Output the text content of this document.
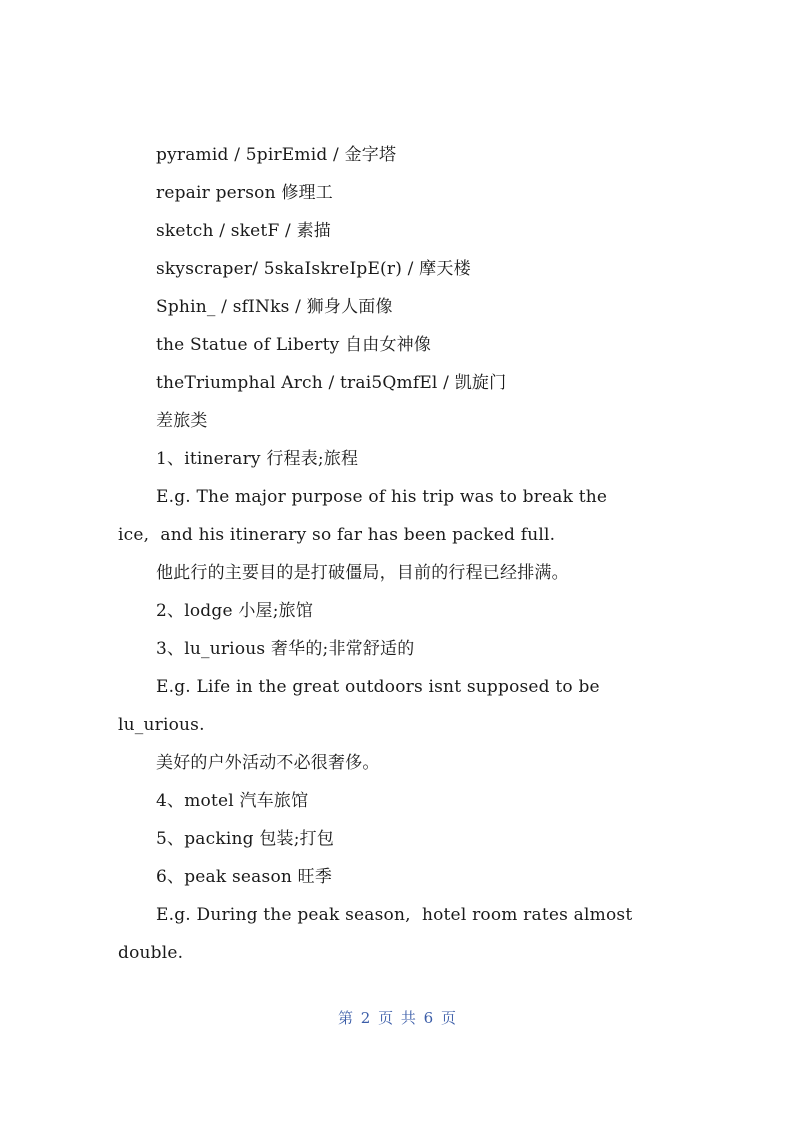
pyramid / 5pirEmid / 金字塔
repair person 修理工
sketch / sketF / 素描
skyscraper/ 5skaIskreIpE(r) / 摩天楼
Sphin_ / sfINks / 狮身人面像
the Statue of Liberty 自由女神像
theTriumphal Arch / trai5QmfEl / 凯旋门
差旅类
1、itinerary 行程表;旅程
E.g. The major purpose of his trip was to break the
ice,  and his itinerary so far has been packed full.
他此行的主要目的是打破僵局，目前的行程已经排满。
2、lodge 小屋;旅馆
3、lu_urious 奢华的;非常舒适的
E.g. Life in the great outdoors isnt supposed to be
lu_urious.
美好的户外活动不必很奢侈。
4、motel 汽车旅馆
5、packing 包装;打包
6、peak season 旺季
E.g. During the peak season,  hotel room rates almost
double.
第 2 页 共 6 页
